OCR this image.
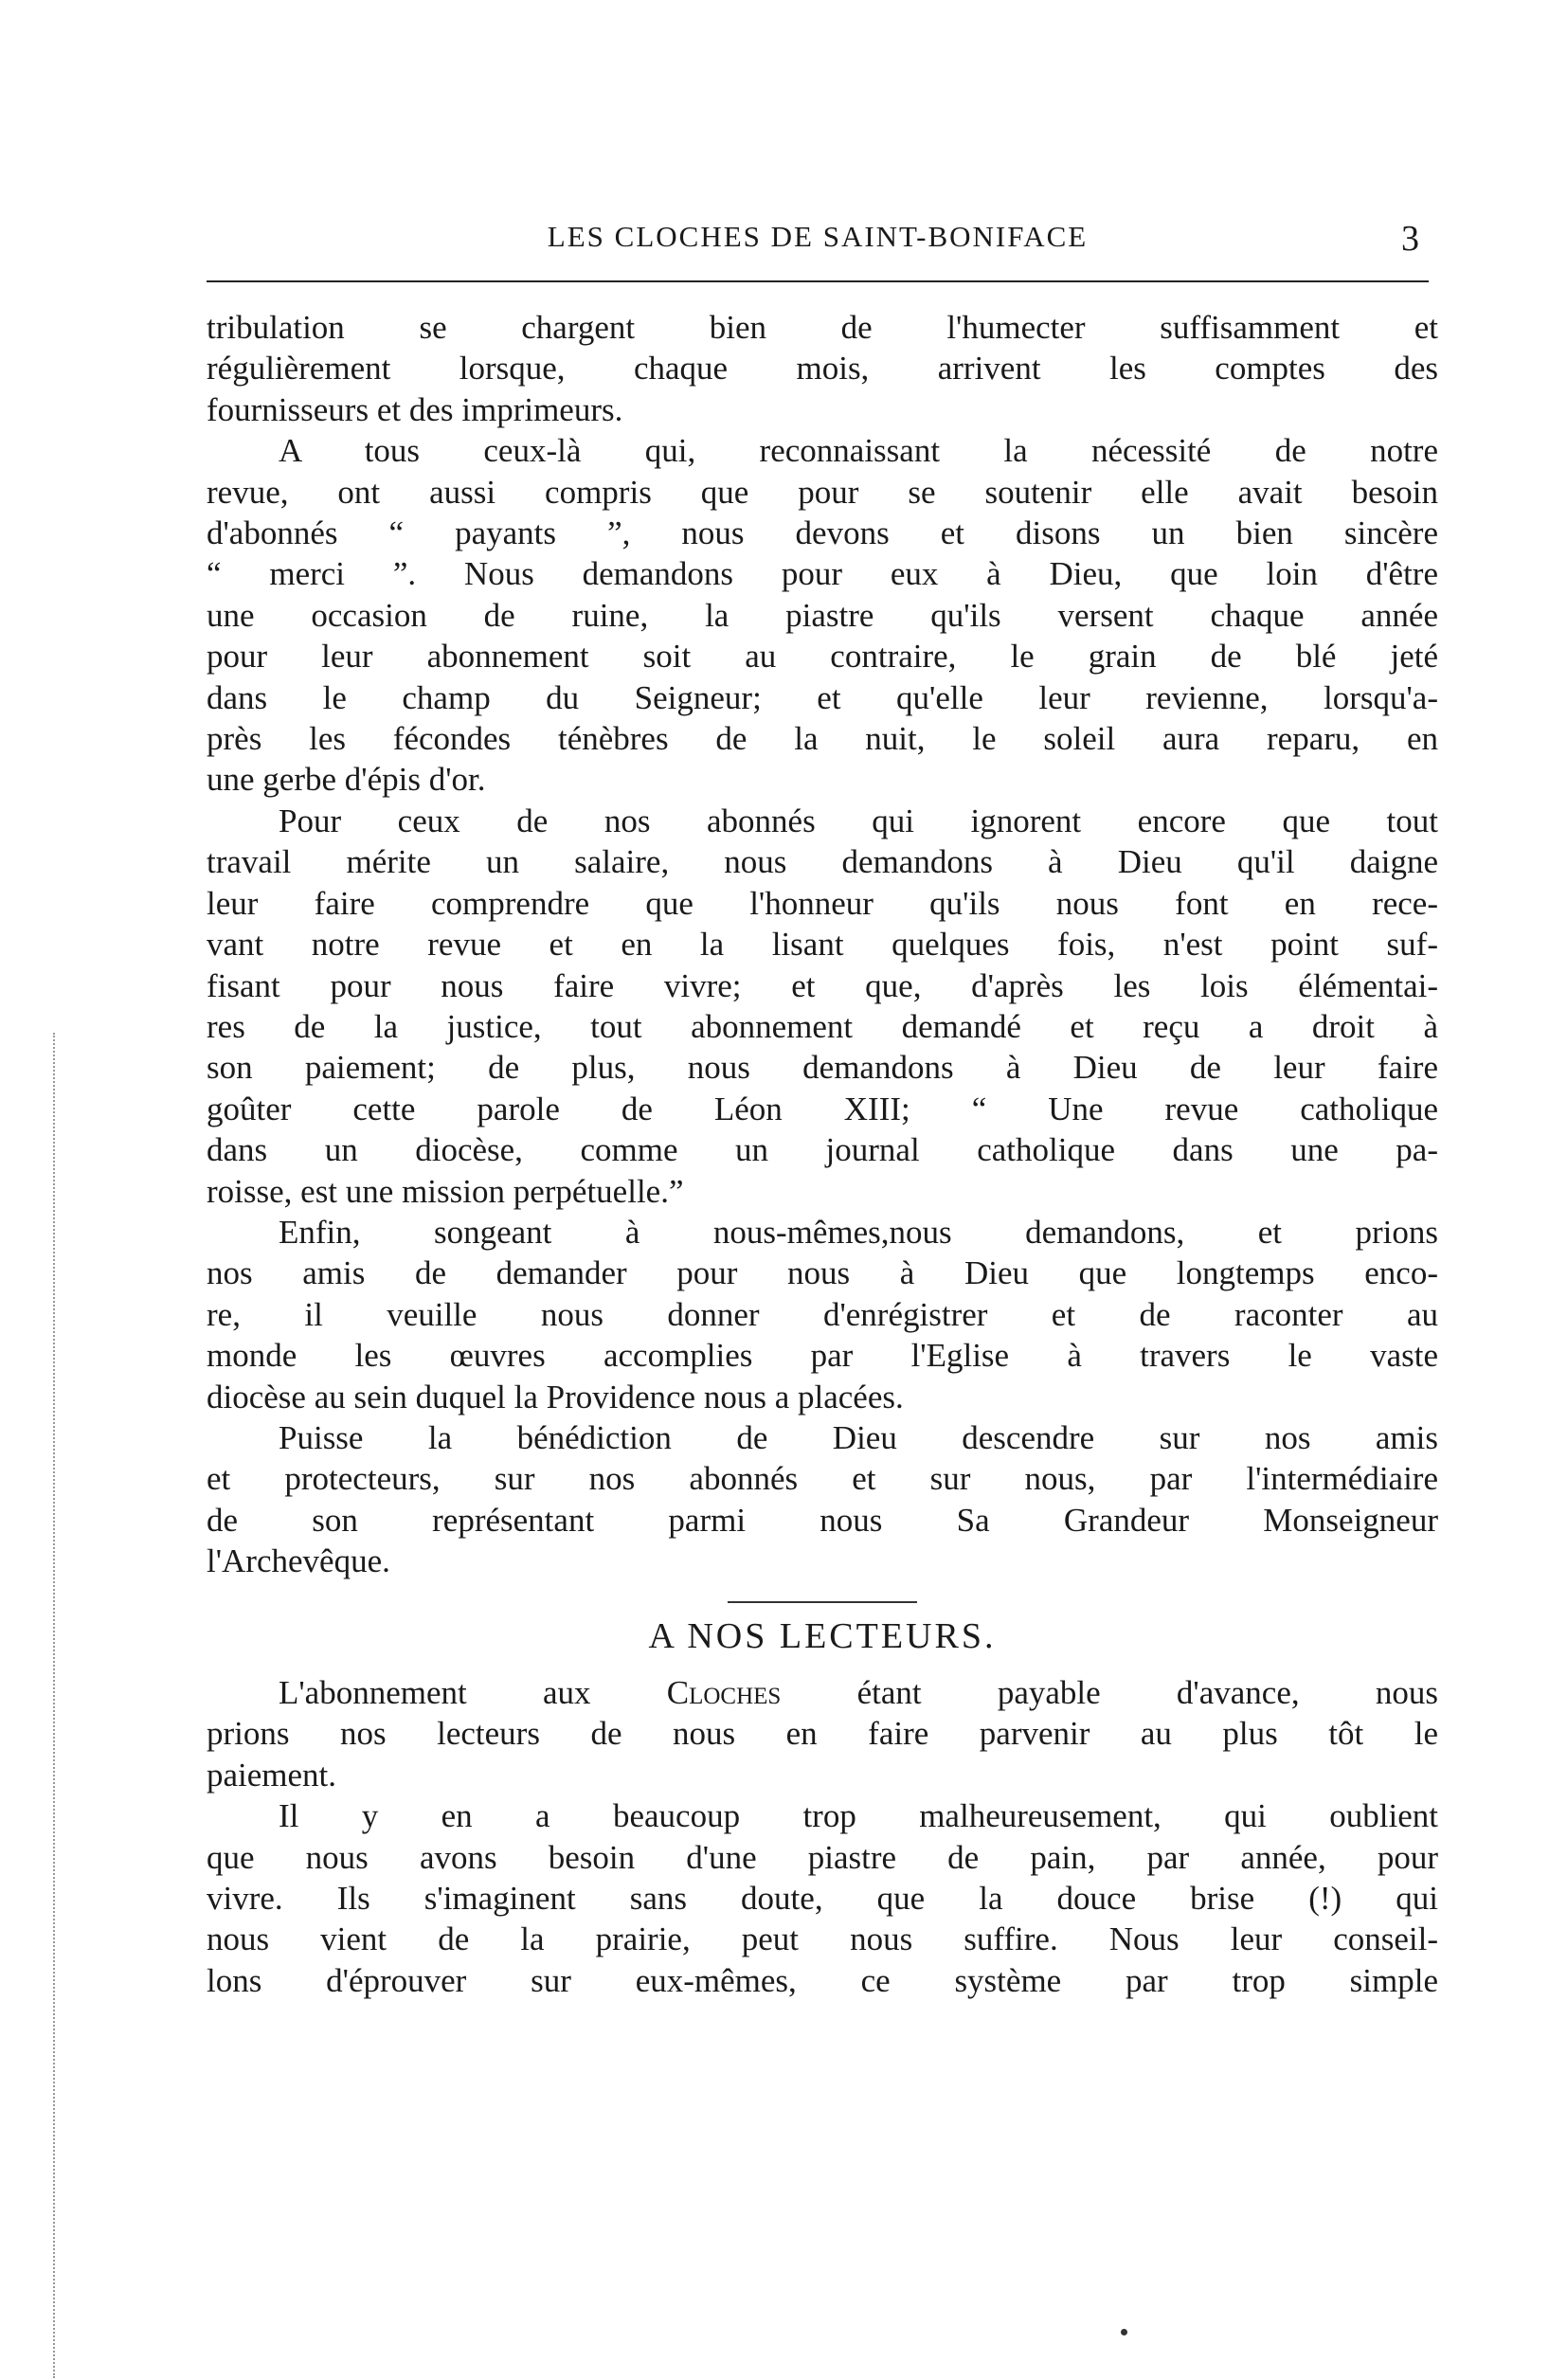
LES CLOCHES DE SAINT-BONIFACE	3

tribulation se chargent bien de l'humecter suffisamment et
régulièrement lorsque, chaque mois, arrivent les comptes des
fournisseurs et des imprimeurs.

A tous ceux-là qui, reconnaissant la nécessité de notre
revue, ont aussi compris que pour se soutenir elle avait besoin
d'abonnés “ payants ”, nous devons et disons un bien sincère
“ merci ”. Nous demandons pour eux à Dieu, que loin d'être
une occasion de ruine, la piastre qu'ils versent chaque année
pour leur abonnement soit au contraire, le grain de blé jeté
dans le champ du Seigneur; et qu'elle leur revienne, lorsqu'a-
près les fécondes ténèbres de la nuit, le soleil aura reparu, en
une gerbe d'épis d'or.

Pour ceux de nos abonnés qui ignorent encore que tout
travail mérite un salaire, nous demandons à Dieu qu'il daigne
leur faire comprendre que l'honneur qu'ils nous font en rece-
vant notre revue et en la lisant quelques fois, n'est point suf-
fisant pour nous faire vivre; et que, d'après les lois élémentai-
res de la justice, tout abonnement demandé et reçu a droit à
son paiement; de plus, nous demandons à Dieu de leur faire
goûter cette parole de Léon XIII; “ Une revue catholique
dans un diocèse, comme un journal catholique dans une pa-
roisse, est une mission perpétuelle.”

Enfin, songeant à nous-mêmes,nous demandons, et prions
nos amis de demander pour nous à Dieu que longtemps enco-
re, il veuille nous donner d'enrégistrer et de raconter au
monde les œuvres accomplies par l'Eglise à travers le vaste
diocèse au sein duquel la Providence nous a placées.

Puisse la bénédiction de Dieu descendre sur nos amis
et protecteurs, sur nos abonnés et sur nous, par l'intermédiaire
de son représentant parmi nous Sa Grandeur Monseigneur
l'Archevêque.

A NOS LECTEURS.

L'abonnement aux Cloches étant payable d'avance, nous
prions nos lecteurs de nous en faire parvenir au plus tôt le
paiement.

Il y en a beaucoup trop malheureusement, qui oublient
que nous avons besoin d'une piastre de pain, par année, pour
vivre. Ils s'imaginent sans doute, que la douce brise (!) qui
nous vient de la prairie, peut nous suffire. Nous leur conseil-
lons d'éprouver sur eux-mêmes, ce système par trop simple
